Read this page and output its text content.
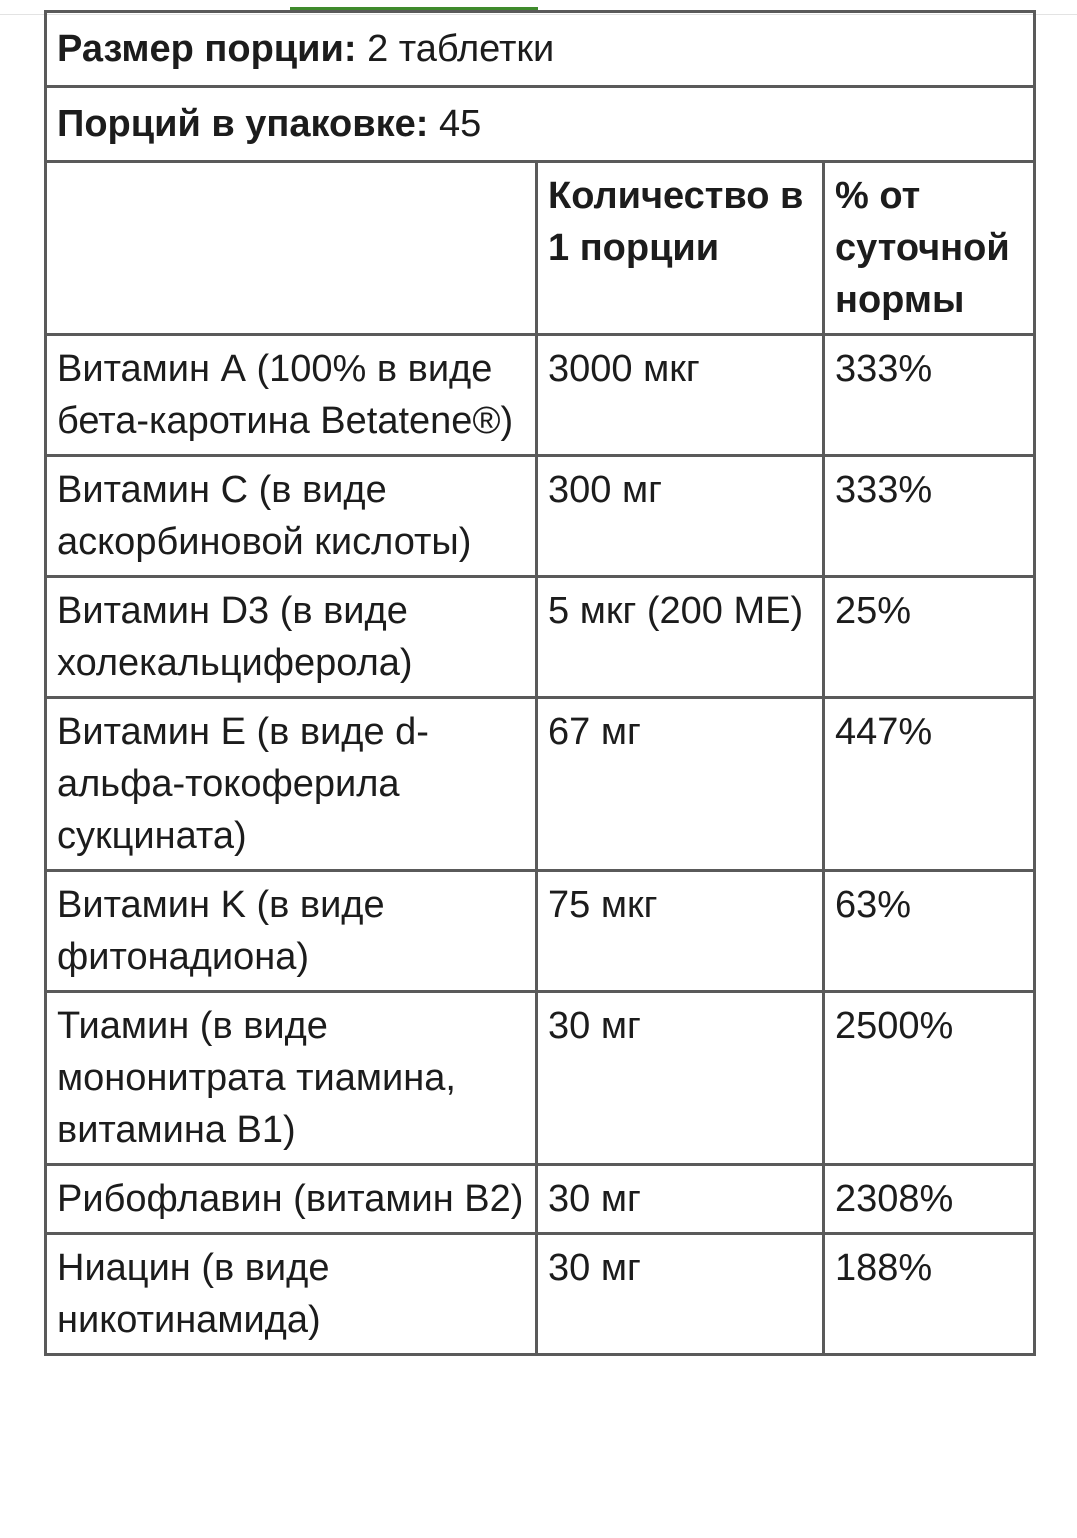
Размер порции: 2 таблетки		
Порций в упаковке: 45		
	Количество в 1 порции	% от суточной нормы
Витамин А (100% в виде бета-каротина Betatene®)	3000 мкг	333%
Витамин С (в виде аскорбиновой кислоты)	300 мг	333%
Витамин D3 (в виде холекальциферола)	5 мкг (200 МЕ)	25%
Витамин Е (в виде d-альфа-токоферила сукцината)	67 мг	447%
Витамин K (в виде фитонадиона)	75 мкг	63%
Тиамин (в виде мононитрата тиамина, витамина В1)	30 мг	2500%
Рибофлавин (витамин В2)	30 мг	2308%
Ниацин (в виде никотинамида)	30 мг	188%
